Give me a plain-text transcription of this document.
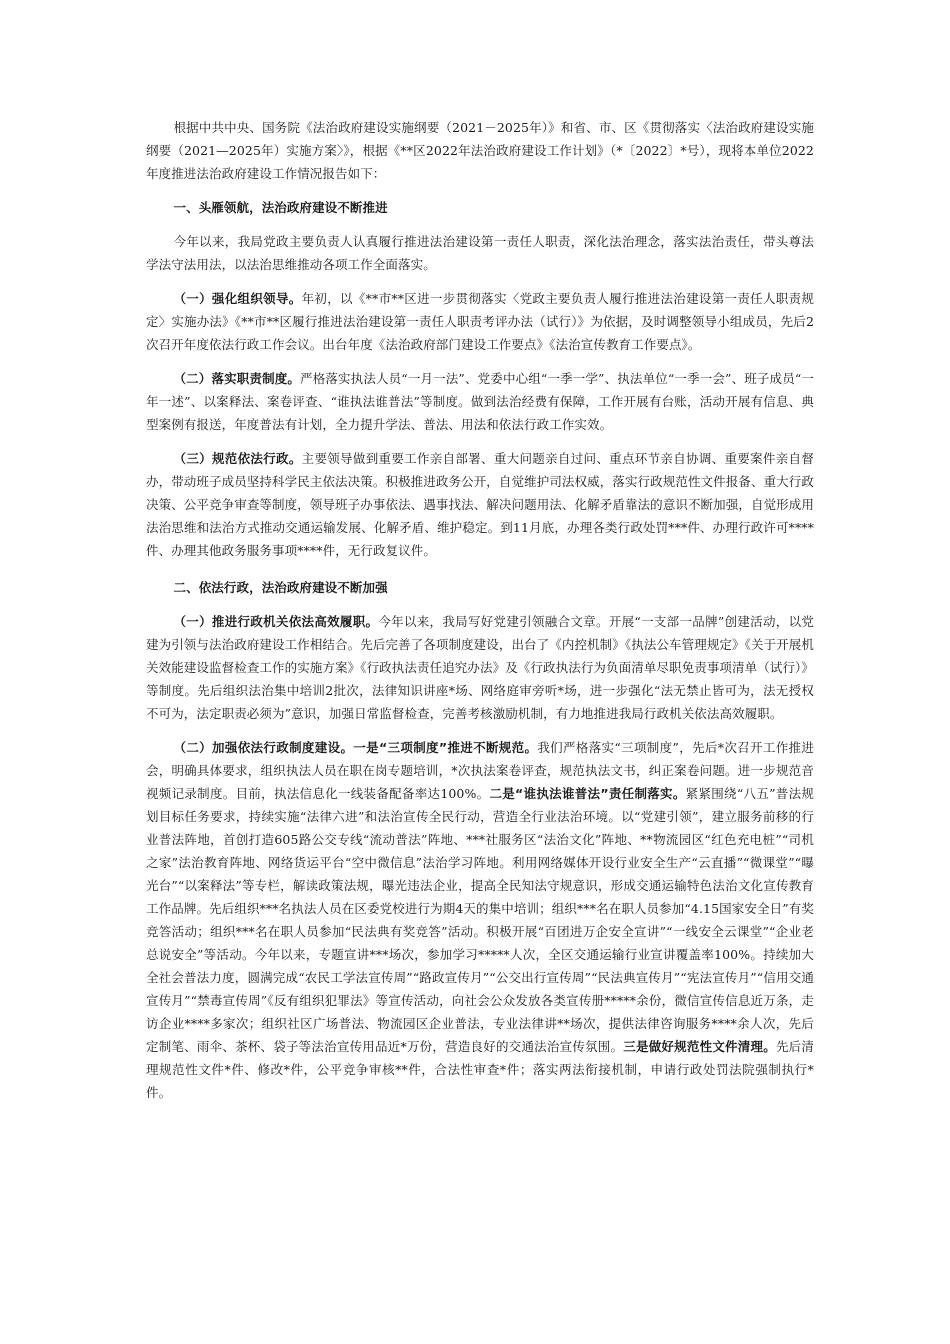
根据中共中央、国务院《法治政府建设实施纲要（2021－2025年）》和省、市、区《贯彻落实〈法治政府建设实施纲要（2021—2025年）实施方案〉》，根据《**区2022年法治政府建设工作计划》（*〔2022〕*号），现将本单位2022年度推进法治政府建设工作情况报告如下：

一、头雁领航，法治政府建设不断推进

今年以来，我局党政主要负责人认真履行推进法治建设第一责任人职责，深化法治理念，落实法治责任，带头尊法学法守法用法，以法治思维推动各项工作全面落实。

（一）强化组织领导。年初，以《**市**区进一步贯彻落实〈党政主要负责人履行推进法治建设第一责任人职责规定〉实施办法》《**市**区履行推进法治建设第一责任人职责考评办法（试行）》为依据，及时调整领导小组成员，先后2次召开年度依法行政工作会议。出台年度《法治政府部门建设工作要点》《法治宣传教育工作要点》。

（二）落实职责制度。严格落实执法人员“一月一法”、党委中心组“一季一学”、执法单位“一季一会”、班子成员“一年一述”、以案释法、案卷评查、“谁执法谁普法”等制度。做到法治经费有保障，工作开展有台账，活动开展有信息、典型案例有报送，年度普法有计划，全力提升学法、普法、用法和依法行政工作实效。

（三）规范依法行政。主要领导做到重要工作亲自部署、重大问题亲自过问、重点环节亲自协调、重要案件亲自督办，带动班子成员坚持科学民主依法决策。积极推进政务公开，自觉维护司法权威，落实行政规范性文件报备、重大行政决策、公平竞争审查等制度，领导班子办事依法、遇事找法、解决问题用法、化解矛盾靠法的意识不断加强，自觉形成用法治思维和法治方式推动交通运输发展、化解矛盾、维护稳定。到11月底，办理各类行政处罚***件、办理行政许可****件、办理其他政务服务事项****件，无行政复议件。

二、依法行政，法治政府建设不断加强

（一）推进行政机关依法高效履职。今年以来，我局写好党建引领融合文章。开展“一支部一品牌”创建活动，以党建为引领与法治政府建设工作相结合。先后完善了各项制度建设，出台了《内控机制》《执法公车管理规定》《关于开展机关效能建设监督检查工作的实施方案》《行政执法责任追究办法》及《行政执法行为负面清单尽职免责事项清单（试行）》等制度。先后组织法治集中培训2批次，法律知识讲座*场、网络庭审旁听*场，进一步强化“法无禁止皆可为，法无授权不可为，法定职责必须为”意识，加强日常监督检查，完善考核激励机制，有力地推进我局行政机关依法高效履职。

（二）加强依法行政制度建设。一是“三项制度”推进不断规范。我们严格落实“三项制度”，先后*次召开工作推进会，明确具体要求，组织执法人员在职在岗专题培训，*次执法案卷评查，规范执法文书，纠正案卷问题。进一步规范音视频记录制度。目前，执法信息化一线装备配备率达100%。二是“谁执法谁普法”责任制落实。紧紧围绕“八五”普法规划目标任务要求，持续实施“法律六进”和法治宣传全民行动，营造全行业法治环境。以“党建引领”，建立服务前移的行业普法阵地，首创打造605路公交专线“流动普法”阵地、***社服务区“法治文化”阵地、**物流园区“红色充电桩”“司机之家”法治教育阵地、网络货运平台“空中微信息”法治学习阵地。利用网络媒体开设行业安全生产“云直播”“微课堂”“曝光台”“以案释法”等专栏，解读政策法规，曝光违法企业，提高全民知法守规意识，形成交通运输特色法治文化宣传教育工作品牌。先后组织***名执法人员在区委党校进行为期4天的集中培训；组织***名在职人员参加“4.15国家安全日”有奖竞答活动；组织***名在职人员参加“民法典有奖竞答”活动。积极开展“百团进万企安全宣讲”“一线安全云课堂”“企业老总说安全”等活动。今年以来，专题宣讲***场次，参加学习*****人次，全区交通运输行业宣讲覆盖率100%。持续加大全社会普法力度，圆满完成“农民工学法宣传周”“路政宣传月”“公交出行宣传周”“民法典宣传月”“宪法宣传月”“信用交通宣传月”“禁毒宣传周”《反有组织犯罪法》等宣传活动，向社会公众发放各类宣传册*****余份，微信宣传信息近万条，走访企业****多家次；组织社区广场普法、物流园区企业普法，专业法律讲**场次，提供法律咨询服务****余人次，先后定制笔、雨伞、茶杯、袋子等法治宣传用品近*万份，营造良好的交通法治宣传氛围。三是做好规范性文件清理。先后清理规范性文件*件、修改*件，公平竞争审核**件，合法性审查*件；落实两法衔接机制，申请行政处罚法院强制执行*件。
